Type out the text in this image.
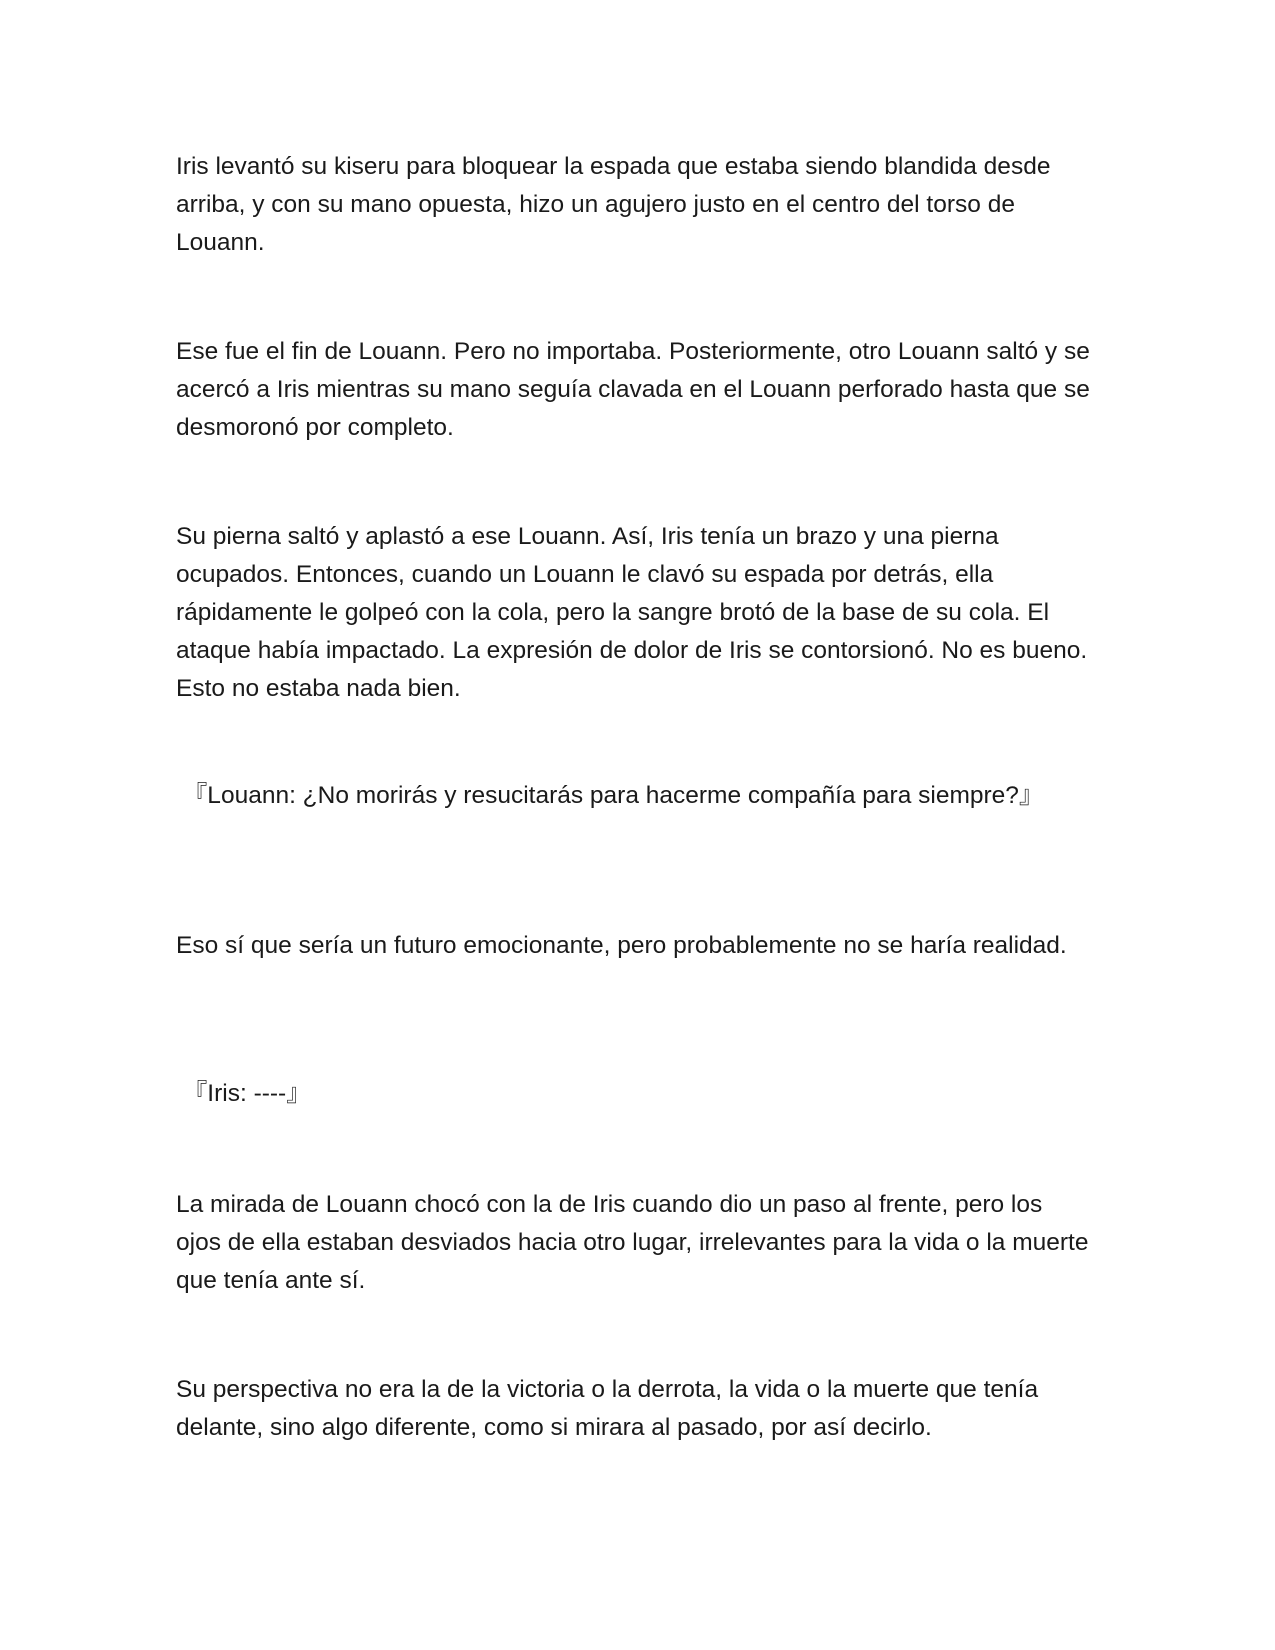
Iris levantó su kiseru para bloquear la espada que estaba siendo blandida desde arriba, y con su mano opuesta, hizo un agujero justo en el centro del torso de Louann.

Ese fue el fin de Louann. Pero no importaba. Posteriormente, otro Louann saltó y se acercó a Iris mientras su mano seguía clavada en el Louann perforado hasta que se desmoronó por completo.

Su pierna saltó y aplastó a ese Louann. Así, Iris tenía un brazo y una pierna ocupados. Entonces, cuando un Louann le clavó su espada por detrás, ella rápidamente le golpeó con la cola, pero la sangre brotó de la base de su cola. El ataque había impactado. La expresión de dolor de Iris se contorsionó. No es bueno. Esto no estaba nada bien.

『Louann: ¿No morirás y resucitarás para hacerme compañía para siempre?』

Eso sí que sería un futuro emocionante, pero probablemente no se haría realidad.

『Iris: ----』

La mirada de Louann chocó con la de Iris cuando dio un paso al frente, pero los ojos de ella estaban desviados hacia otro lugar, irrelevantes para la vida o la muerte que tenía ante sí.

Su perspectiva no era la de la victoria o la derrota, la vida o la muerte que tenía delante, sino algo diferente, como si mirara al pasado, por así decirlo.
